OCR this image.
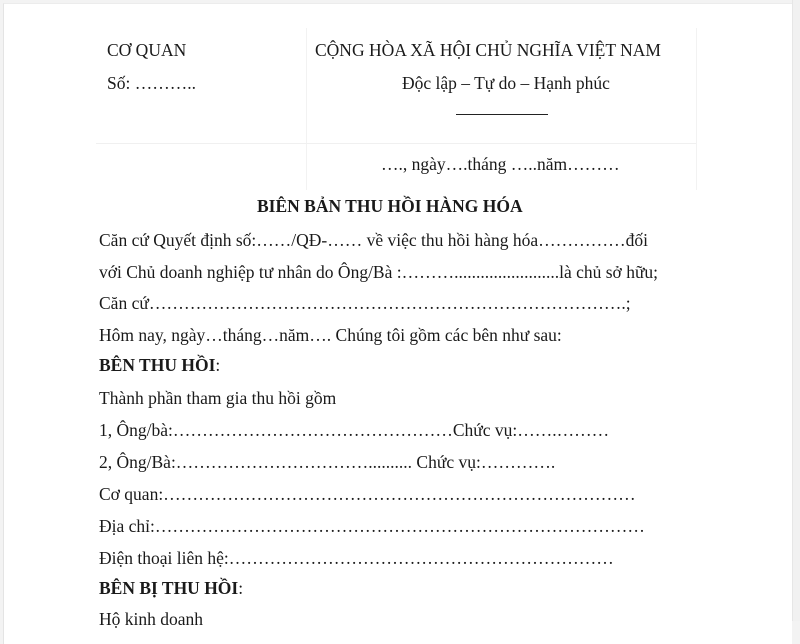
CƠ QUAN
Số: ………..
CỘNG HÒA XÃ HỘI CHỦ NGHĨA VIỆT NAM
Độc lập – Tự do – Hạnh phúc
…., ngày….tháng …..năm………
BIÊN BẢN THU HỒI HÀNG HÓA
Căn cứ Quyết định số:……/QĐ-…… về việc thu hồi hàng hóa……………đối
với Chủ doanh nghiệp tư nhân do Ông/Bà :………........................là chủ sở hữu;
Căn cứ……………………………………………………………………….;
Hôm nay, ngày…tháng…năm…. Chúng tôi gồm các bên như sau:
BÊN THU HỒI:
Thành phần tham gia thu hồi gồm
1, Ông/bà:…………………………………………Chức vụ:…….………
2, Ông/Bà:…………………………….......... Chức vụ:………….
Cơ quan:………………………………………………………………………
Địa chỉ:…………………………………………………………………………
Điện thoại liên hệ:…………………………………………………………
BÊN BỊ THU HỒI:
Hộ kinh doanh
